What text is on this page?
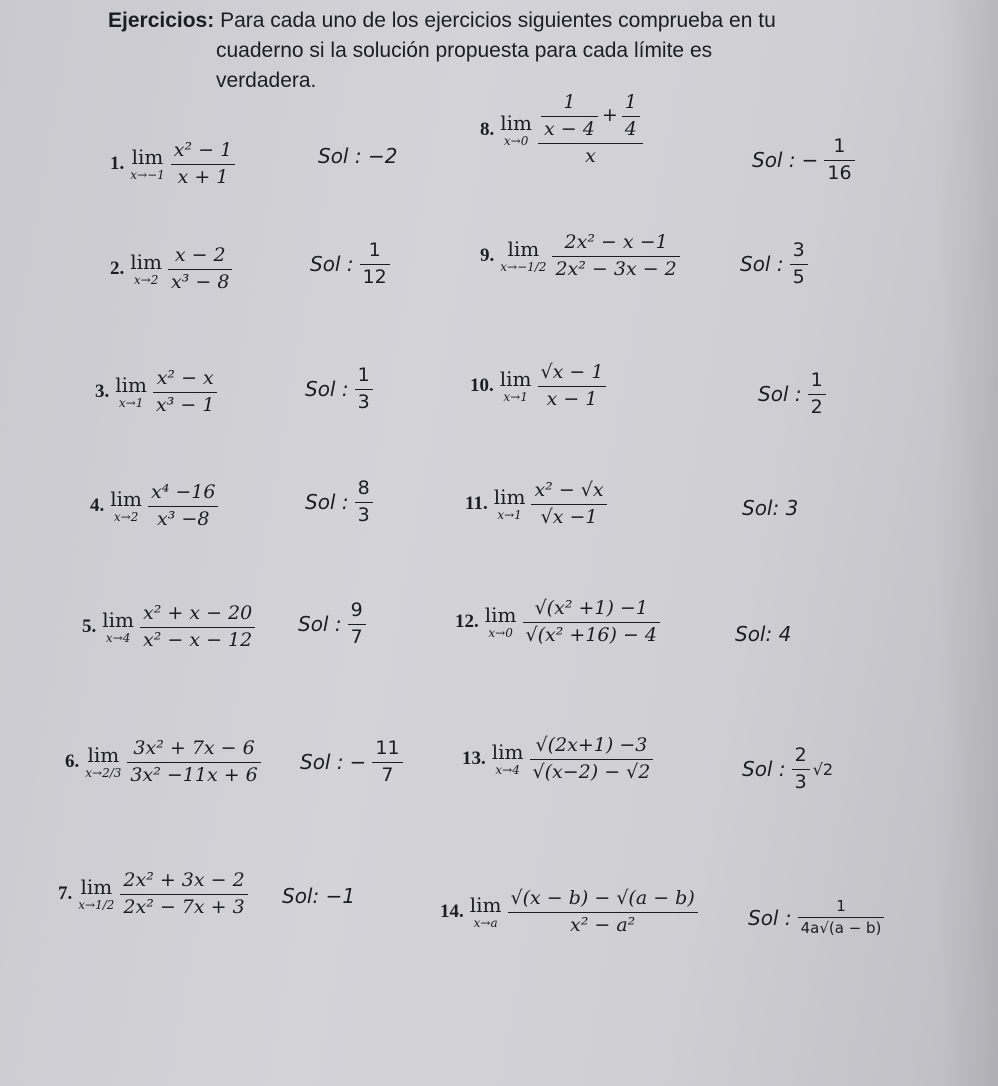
Ejercicios: Para cada uno de los ejercicios siguientes comprueba en tu
cuaderno si la solución propuesta para cada límite es
verdadera.
1. lim
$x\to-1 \frac{\text{x² − 1}}{x + 1}$	Sol : −2
2. lim
$x\to 2 \frac{x - 2}{\text{x³ − 8}}$	Sol : $\frac{1}{12}$
3. lim
$x\to 1 \frac{\text{x² − x}}{\text{x³ − 1}}$	Sol : $\frac{1}{3}$
4. lim
$x\to 2 \frac{\text{x⁴ −16}}{\text{x³ −8}}$	Sol : $\frac{8}{3}$
5. lim
$x\to 4 \frac{\text{x² + x − 20}}{\text{x² − x − 12}}$ Sol : $\frac{9}{7}$
6. lim
$x\to 2/3 \frac{\text{3x² + 7x − 6}}{\text{3x² −11x + 6}}$ Sol : − $\frac{11}{7}$
7. lim
$x\to 1/2 \frac{\text{2x² + 3x − 2}}{\text{2x² − 7x + 3}}$ Sol: −1
8. lim
$x\to 0 \frac{\frac{1}{x - 4} + \frac{1}{4}}{x}$	Sol : − $\frac{1}{16}$
9. lim
$x\to-1/2 \frac{\text{2x² − x −1}}{\text{2x² − 3x − 2}}$	Sol : $\frac{3}{5}$
10. lim
$x\to 1 \frac{√x - 1}{x - 1}$	Sol : $\frac{1}{2}$
11. lim
$x\to 1 \frac{\text{x² − √x}}{√x -1}$	Sol: 3
12. lim
$x\to 0 \frac{\text{√(x² +1) −1}}{\text{√(x² +16) − 4}}$	Sol: 4
13. lim
$x\to 4 \frac{√(2x+1) -3}{√(x-2) - √2}$	Sol : $\frac{2}{3} √2$
14. lim
$x\to a \frac{√(x - b) - √(a - b)}{\text{x² − a²}}$	Sol : $\frac{1}{4a√(a - b)}$
